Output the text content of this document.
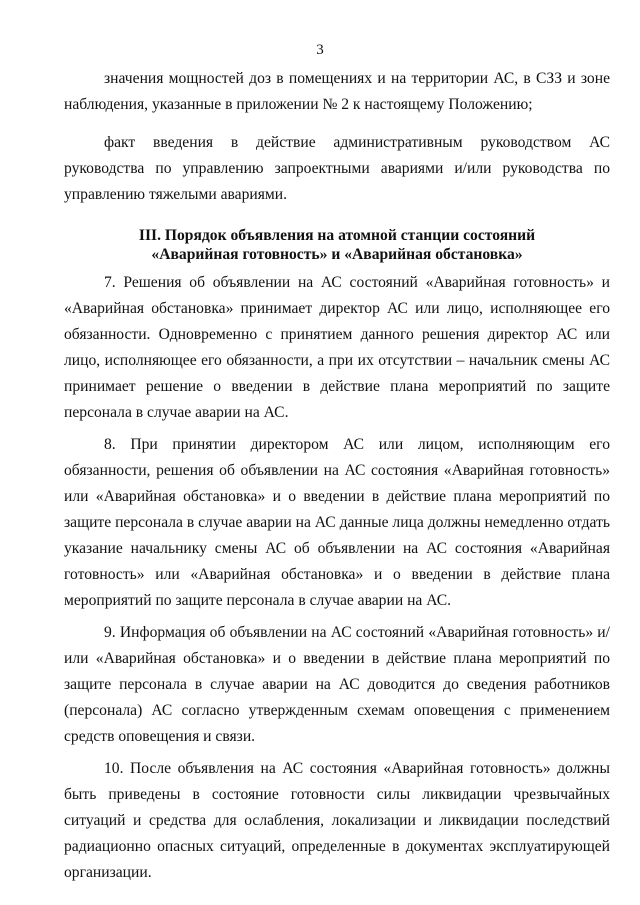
3

значения мощностей доз в помещениях и на территории АС, в СЗЗ и зоне наблюдения, указанные в приложении № 2 к настоящему Положению;

факт введения в действие административным руководством АС руководства по управлению запроектными авариями и/или руководства по управлению тяжелыми авариями.

III. Порядок объявления на атомной станции состояний «Аварийная готовность» и «Аварийная обстановка»

7. Решения об объявлении на АС состояний «Аварийная готовность» и «Аварийная обстановка» принимает директор АС или лицо, исполняющее его обязанности. Одновременно с принятием данного решения директор АС или лицо, исполняющее его обязанности, а при их отсутствии – начальник смены АС принимает решение о введении в действие плана мероприятий по защите персонала в случае аварии на АС.

8. При принятии директором АС или лицом, исполняющим его обязанности, решения об объявлении на АС состояния «Аварийная готовность» или «Аварийная обстановка» и о введении в действие плана мероприятий по защите персонала в случае аварии на АС данные лица должны немедленно отдать указание начальнику смены АС об объявлении на АС состояния «Аварийная готовность» или «Аварийная обстановка» и о введении в действие плана мероприятий по защите персонала в случае аварии на АС.

9. Информация об объявлении на АС состояний «Аварийная готовность» и/или «Аварийная обстановка» и о введении в действие плана мероприятий по защите персонала в случае аварии на АС доводится до сведения работников (персонала) АС согласно утвержденным схемам оповещения с применением средств оповещения и связи.

10. После объявления на АС состояния «Аварийная готовность» должны быть приведены в состояние готовности силы ликвидации чрезвычайных ситуаций и средства для ослабления, локализации и ликвидации последствий радиационно опасных ситуаций, определенные в документах эксплуатирующей организации.
